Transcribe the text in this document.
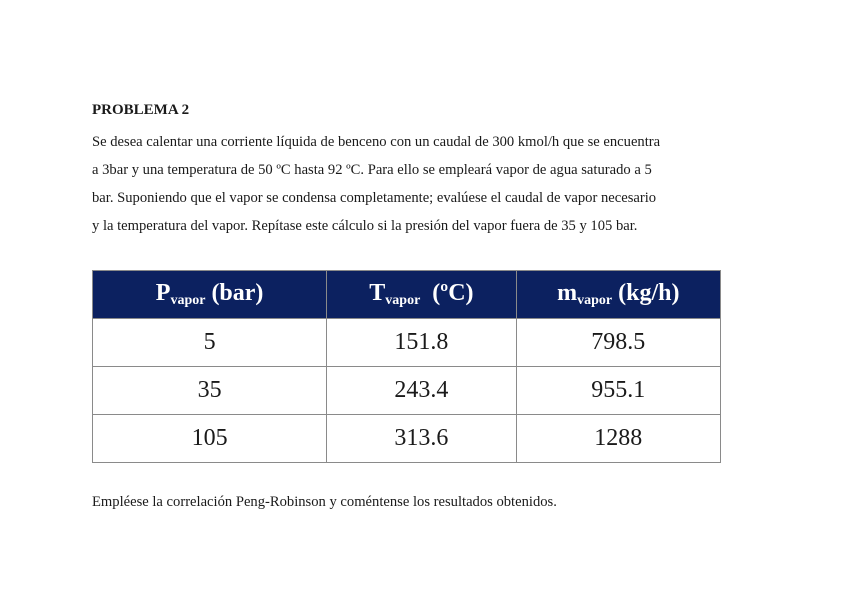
PROBLEMA 2
Se desea calentar una corriente líquida de benceno con un caudal de 300 kmol/h que se encuentra
a 3bar y una temperatura de 50 ºC hasta 92 ºC. Para ello se empleará vapor de agua saturado a 5
bar. Suponiendo que el vapor se condensa completamente; evalúese el caudal de vapor necesario
y la temperatura del vapor. Repítase este cálculo si la presión del vapor fuera de 35 y 105 bar.
$P_{vapor}$ (bar)	$T_{vapor}$  (ºC)	$m_{vapor}$ (kg/h)
5	151.8	798.5
35	243.4	955.1
105	313.6	1288
Empléese la correlación Peng-Robinson y coméntense los resultados obtenidos.
